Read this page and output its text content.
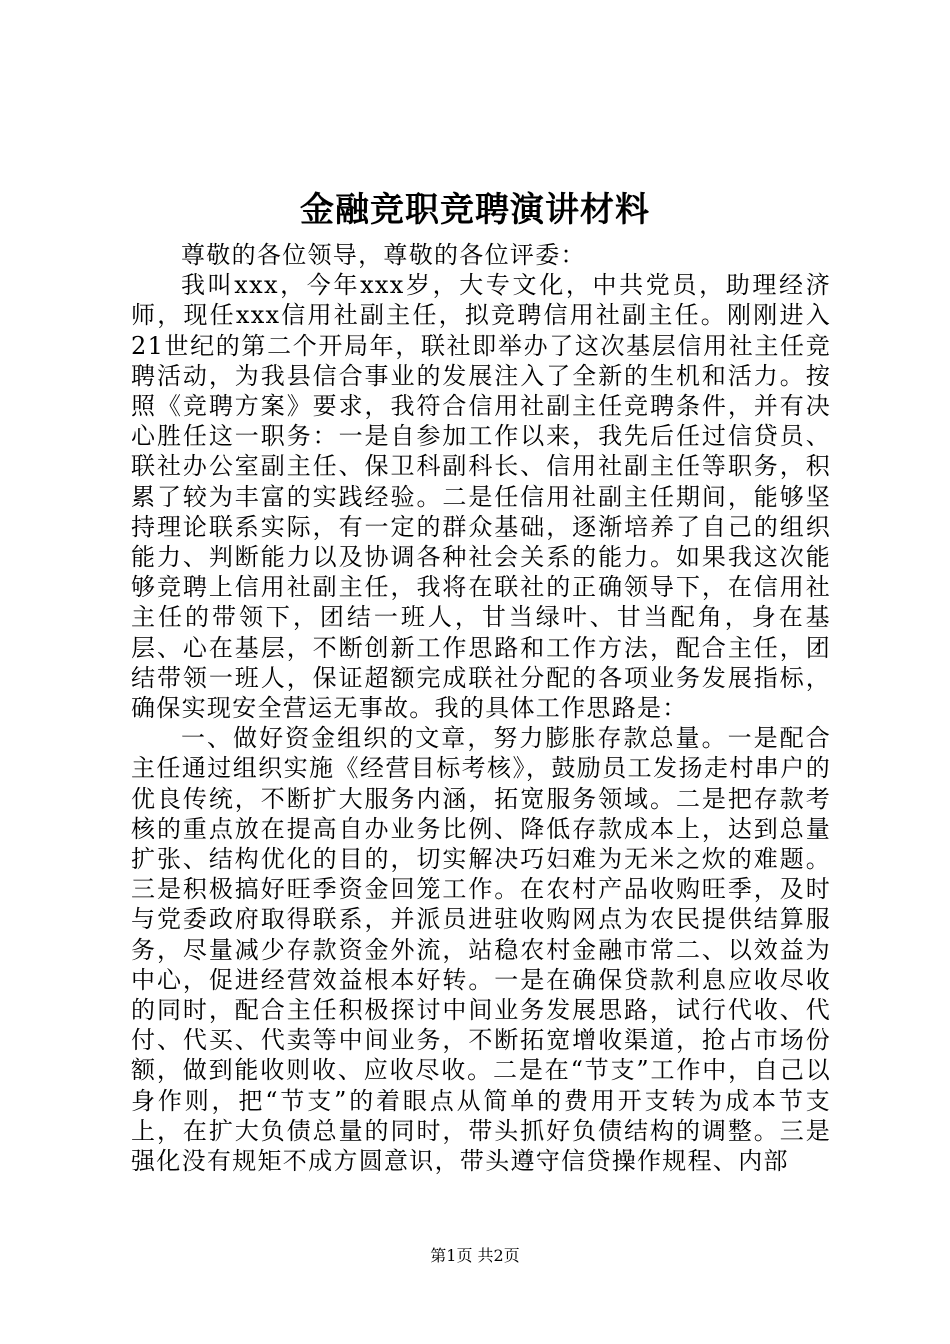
金融竞职竞聘演讲材料

尊敬的各位领导，尊敬的各位评委：

我叫xxx，今年xxx岁，大专文化，中共党员，助理经济师，现任xxx信用社副主任，拟竞聘信用社副主任。刚刚进入21世纪的第二个开局年，联社即举办了这次基层信用社主任竞聘活动，为我县信合事业的发展注入了全新的生机和活力。按照《竞聘方案》要求，我符合信用社副主任竞聘条件，并有决心胜任这一职务：一是自参加工作以来，我先后任过信贷员、联社办公室副主任、保卫科副科长、信用社副主任等职务，积累了较为丰富的实践经验。二是任信用社副主任期间，能够坚持理论联系实际，有一定的群众基础，逐渐培养了自己的组织能力、判断能力以及协调各种社会关系的能力。如果我这次能够竞聘上信用社副主任，我将在联社的正确领导下，在信用社主任的带领下，团结一班人，甘当绿叶、甘当配角，身在基层、心在基层，不断创新工作思路和工作方法，配合主任，团结带领一班人，保证超额完成联社分配的各项业务发展指标，确保实现安全营运无事故。我的具体工作思路是：

一、做好资金组织的文章，努力膨胀存款总量。一是配合主任通过组织实施《经营目标考核》，鼓励员工发扬走村串户的优良传统，不断扩大服务内涵，拓宽服务领域。二是把存款考核的重点放在提高自办业务比例、降低存款成本上，达到总量扩张、结构优化的目的，切实解决巧妇难为无米之炊的难题。三是积极搞好旺季资金回笼工作。在农村产品收购旺季，及时与党委政府取得联系，并派员进驻收购网点为农民提供结算服务，尽量减少存款资金外流，站稳农村金融市常二、以效益为中心，促进经营效益根本好转。一是在确保贷款利息应收尽收的同时，配合主任积极探讨中间业务发展思路，试行代收、代付、代买、代卖等中间业务，不断拓宽增收渠道，抢占市场份额，做到能收则收、应收尽收。二是在“节支”工作中，自己以身作则，把“节支”的着眼点从简单的费用开支转为成本节支上，在扩大负债总量的同时，带头抓好负债结构的调整。三是强化没有规矩不成方圆意识，带头遵守信贷操作规程、内部

第1页 共2页
